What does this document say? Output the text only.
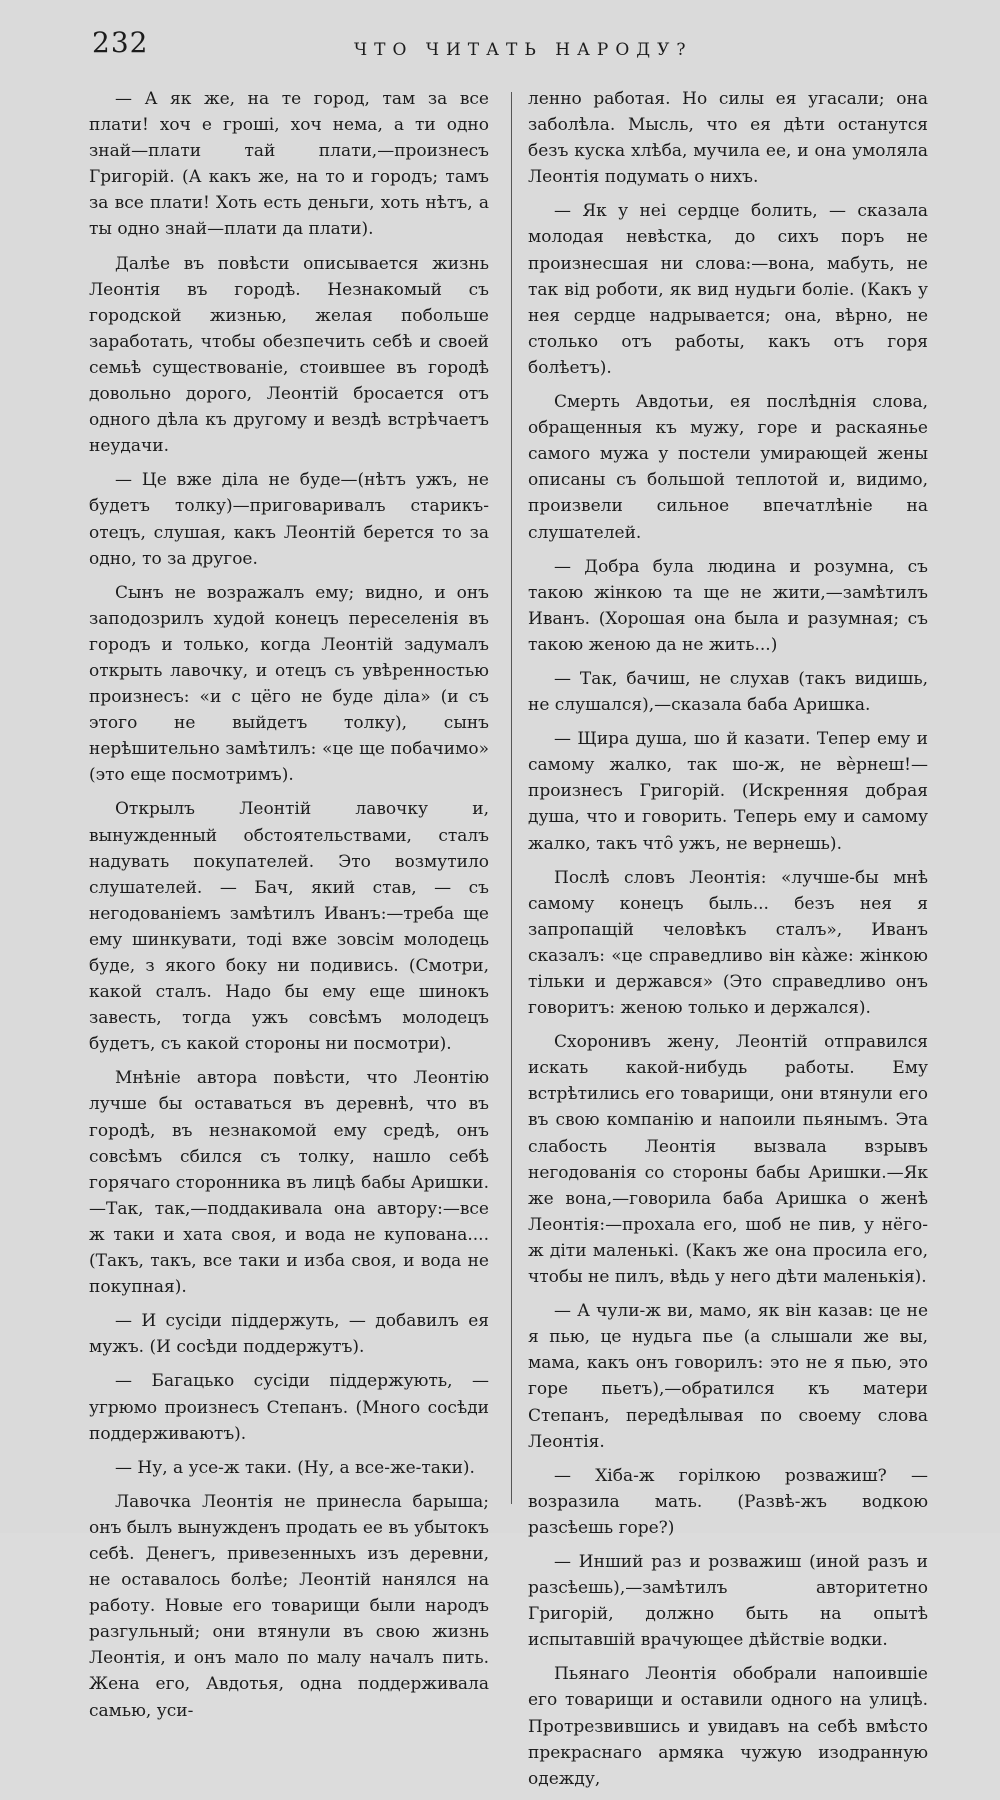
232	ЧТО ЧИТАТЬ НАРОДУ?

— А як же, на те город, там за все плати! хоч е гроші, хоч нема, а ти одно знай—плати тай плати,—произнесъ Григорій. (А какъ же, на то и городъ; тамъ за все плати! Хоть есть деньги, хоть нѣтъ, а ты одно знай—плати да плати).

Далѣе въ повѣсти описывается жизнь Леонтія въ городѣ. Незнакомый съ городской жизнью, желая побольше заработать, чтобы обезпечить себѣ и своей семьѣ существованіе, стоившее въ городѣ довольно дорого, Леонтій бросается отъ одного дѣла къ другому и вездѣ встрѣчаетъ неудачи.

— Це вже діла не буде—(нѣтъ ужъ, не будетъ толку)—приговаривалъ старикъ-отецъ, слушая, какъ Леонтій берется то за одно, то за другое.

Сынъ не возражалъ ему; видно, и онъ заподозрилъ худой конецъ переселенія въ городъ и только, когда Леонтій задумалъ открыть лавочку, и отецъ съ увѣренностью произнесъ: «и с цёго не буде діла» (и съ этого не выйдетъ толку), сынъ нерѣшительно замѣтилъ: «це ще побачимо» (это еще посмотримъ).

Открылъ Леонтій лавочку и, вынужденный обстоятельствами, сталъ надувать покупателей. Это возмутило слушателей. — Бач, який став, — съ негодованіемъ замѣтилъ Иванъ:—треба ще ему шинкувати, тоді вже зовсім молодець буде, з якого боку ни подивись. (Смотри, какой сталъ. Надо бы ему еще шинокъ завесть, тогда ужъ совсѣмъ молодецъ будетъ, съ какой стороны ни посмотри).

Мнѣніе автора повѣсти, что Леонтію лучше бы оставаться въ деревнѣ, что въ городѣ, въ незнакомой ему средѣ, онъ совсѣмъ сбился съ толку, нашло себѣ горячаго сторонника въ лицѣ бабы Аришки.—Так, так,—поддакивала она автору:—все ж таки и хата своя, и вода не купована.... (Такъ, такъ, все таки и изба своя, и вода не покупная).

— И сусіди піддержуть, — добавилъ ея мужъ. (И сосѣди поддержутъ).

— Багацько сусіди піддержують, —угрюмо произнесъ Степанъ. (Много сосѣди поддерживаютъ).

— Ну, а усе-ж таки. (Ну, а все-же-таки).

Лавочка Леонтія не принесла барыша; онъ былъ вынужденъ продать ее въ убытокъ себѣ. Денегъ, привезенныхъ изъ деревни, не оставалось болѣе; Леонтій нанялся на работу. Новые его товарищи были народъ разгульный; они втянули въ свою жизнь Леонтія, и онъ мало по малу началъ пить. Жена его, Авдотья, одна поддерживала самью, уси-

ленно работая. Но силы ея угасали; она заболѣла. Мысль, что ея дѣти останутся безъ куска хлѣба, мучила ее, и она умоляла Леонтія подумать о нихъ.

— Як у неі сердце болить, — сказала молодая невѣстка, до сихъ поръ не произнесшая ни слова:—вона, мабуть, не так від роботи, як вид нудьги болiе. (Какъ у нея сердце надрывается; она, вѣрно, не столько отъ работы, какъ отъ горя болѣетъ).

Смерть Авдотьи, ея послѣднія слова, обращенныя къ мужу, горе и раскаянье самого мужа у постели умирающей жены описаны съ большой теплотой и, видимо, произвели сильное впечатлѣніе на слушателей.

— Добра була людина и розумна, съ такою жінкою та ще не жити,—замѣтилъ Иванъ. (Хорошая она была и разумная; съ такою женою да не жить...)

— Так, бачиш, не слухав (такъ видишь, не слушался),—сказала баба Аришка.

— Щира душа, шо й казати. Тепер ему и самому жалко, так шо-ж, не вѐрнеш!—произнесъ Григорій. (Искренняя добрая душа, что и говорить. Теперь ему и самому жалко, такъ чтȏ ужъ, не вернешь).

Послѣ словъ Леонтія: «лучше-бы мнѣ самому конецъ быль... безъ нея я запропащій человѣкъ сталъ», Иванъ сказалъ: «це справедливо він кàже: жінкою тільки и держався» (Это справедливо онъ говоритъ: женою только и держался).

Схоронивъ жену, Леонтій отправился искать какой-нибудь работы. Ему встрѣтились его товарищи, они втянули его въ свою компанію и напоили пьянымъ. Эта слабость Леонтія вызвала взрывъ негодованія со стороны бабы Аришки.—Як же вона,—говорила баба Аришка о женѣ Леонтія:—прохала его, шоб не пив, у нёго-ж діти маленькі. (Какъ же она просила его, чтобы не пилъ, вѣдь у него дѣти маленькія).

— А чули-ж ви, мамо, як він казав: це не я пью, це нудьга пье (а слышали же вы, мама, какъ онъ говорилъ: это не я пью, это горе пьетъ),—обратился къ матери Степанъ, передѣлывая по своему слова Леонтія.

— Хіба-ж горілкою розважиш? — возразила мать. (Развѣ-жъ водкою разсѣешь горе?)

— Инший раз и розважиш (иной разъ и разсѣешь),—замѣтилъ авторитетно Григорій, должно быть на опытѣ испытавшій врачующее дѣйствіе водки.

Пьянаго Леонтія обобрали напоившіе его товарищи и оставили одного на улицѣ. Протрезвившись и увидавъ на себѣ вмѣсто прекраснаго армяка чужую изодранную одежду,
